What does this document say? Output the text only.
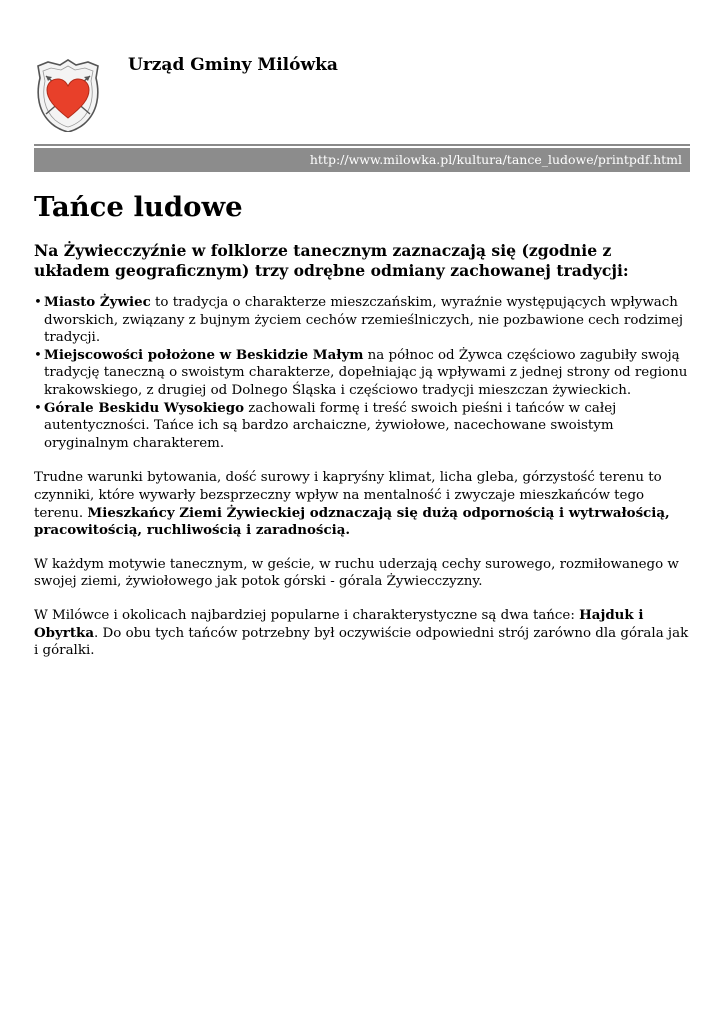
Urząd Gminy Milówka
http://www.milowka.pl/kultura/tance_ludowe/printpdf.html
Tańce ludowe

Na Żywiecczyźnie w folklorze tanecznym zaznaczają się (zgodnie z układem geograficznym) trzy odrębne odmiany zachowanej tradycji:

• Miasto Żywiec to tradycja o charakterze mieszczańskim, wyraźnie występujących wpływach dworskich, związany z bujnym życiem cechów rzemieślniczych, nie pozbawione cech rodzimej tradycji.
• Miejscowości położone w Beskidzie Małym na północ od Żywca częściowo zagubiły swoją tradycję taneczną o swoistym charakterze, dopełniając ją wpływami z jednej strony od regionu krakowskiego, z drugiej od Dolnego Śląska i częściowo tradycji mieszczan żywieckich.
• Górale Beskidu Wysokiego zachowali formę i treść swoich pieśni i tańców w całej autentyczności. Tańce ich są bardzo archaiczne, żywiołowe, nacechowane swoistym oryginalnym charakterem.

Trudne warunki bytowania, dość surowy i kapryśny klimat, licha gleba, górzystość terenu to czynniki, które wywarły bezsprzeczny wpływ na mentalność i zwyczaje mieszkańców tego terenu. Mieszkańcy Ziemi Żywieckiej odznaczają się dużą odpornością i wytrwałością, pracowitością, ruchliwością i zaradnością.

W każdym motywie tanecznym, w geście, w ruchu uderzają cechy surowego, rozmiłowanego w swojej ziemi, żywiołowego jak potok górski - górala Żywiecczyzny.

W Milówce i okolicach najbardziej popularne i charakterystyczne są dwa tańce: Hajduk i Obyrtka. Do obu tych tańców potrzebny był oczywiście odpowiedni strój zarówno dla górala jak i góralki.
